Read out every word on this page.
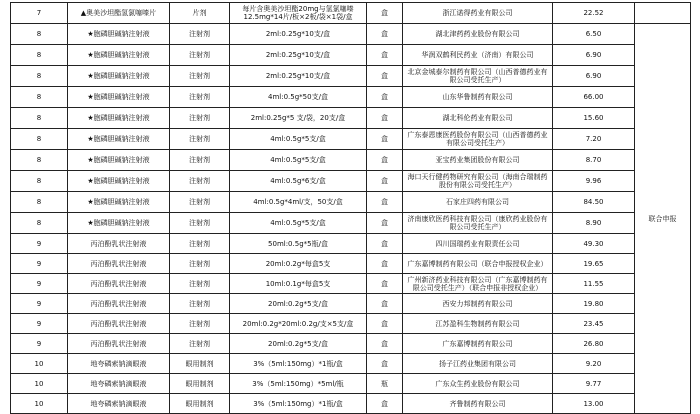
7	▲奥美沙坦酯氢氯噻嗪片	片剂	每片含奥美沙坦酯20mg与氢氯噻嗪12.5mg*14片/板×2板/袋×1袋/盒	盒	浙江诺得药业有限公司	22.52	
8	★胞磷胆碱钠注射液	注射剂	2ml:0.25g*10支/盒	盒	湖北津药药业股份有限公司	6.50	联合申报
8	★胞磷胆碱钠注射液	注射剂	2ml:0.25g*10支/盒	盒	华润双鹤利民药业（济南）有限公司	6.90	
8	★胞磷胆碱钠注射液	注射剂	2ml:0.25g*10支/盒	盒	北京金城泰尔制药有限公司（山西普德药业有限公司受托生产）	6.90	
8	★胞磷胆碱钠注射液	注射剂	4ml:0.5g*50支/盒	盒	山东华鲁制药有限公司	66.00	
8	★胞磷胆碱钠注射液	注射剂	2ml:0.25g*5 支/袋，20支/盒	盒	湖北科伦药业有限公司	15.60	
8	★胞磷胆碱钠注射液	注射剂	4ml:0.5g*5支/盒	盒	广东泰恩康医药股份有限公司（山西普德药业有限公司受托生产）	7.20	
8	★胞磷胆碱钠注射液	注射剂	4ml:0.5g*5支/盒	盒	亚宝药业集团股份有限公司	8.70	
8	★胞磷胆碱钠注射液	注射剂	4ml:0.5g*6支/盒	盒	海口天行健药物研究有限公司（海南合瑞制药股份有限公司受托生产）	9.96	
8	★胞磷胆碱钠注射液	注射剂	4ml:0.5g*4ml/支，50支/盒	盒	石家庄四药有限公司	84.50	
8	★胞磷胆碱钠注射液	注射剂	4ml:0.5g*5支/盒	盒	济南康欣医药科技有限公司（康欣药业股份有限公司受托生产）	8.90	
9	丙泊酚乳状注射液	注射剂	50ml:0.5g*5瓶/盒	盒	四川国瑞药业有限责任公司	49.30	
9	丙泊酚乳状注射液	注射剂	20ml:0.2g*每盒5支	盒	广东嘉博制药有限公司（联合申报授权企业）	19.65	
9	丙泊酚乳状注射液	注射剂	10ml:0.1g*每盒5支	盒	广州新济药业科技有限公司（广东嘉博制药有限公司受托生产）（联合申报非授权企业）	11.55	
9	丙泊酚乳状注射液	注射剂	20ml:0.2g*5支/盒	盒	西安力邦制药有限公司	19.80	
9	丙泊酚乳状注射液	注射剂	20ml:0.2g*20ml:0.2g/支×5支/盒	盒	江苏盈科生物制药有限公司	23.45	
9	丙泊酚乳状注射液	注射剂	20ml:0.2g*5支/盒	盒	广东嘉博制药有限公司	26.80	
10	地夸磷索钠滴眼液	眼用制剂	3%（5ml:150mg）*1瓶/盒	盒	扬子江药业集团有限公司	9.20	
10	地夸磷索钠滴眼液	眼用制剂	3%（5ml:150mg）*5ml/瓶	瓶	广东众生药业股份有限公司	9.77	
10	地夸磷索钠滴眼液	眼用制剂	3%（5ml:150mg）*1瓶/盒	盒	齐鲁制药有限公司	13.00	
